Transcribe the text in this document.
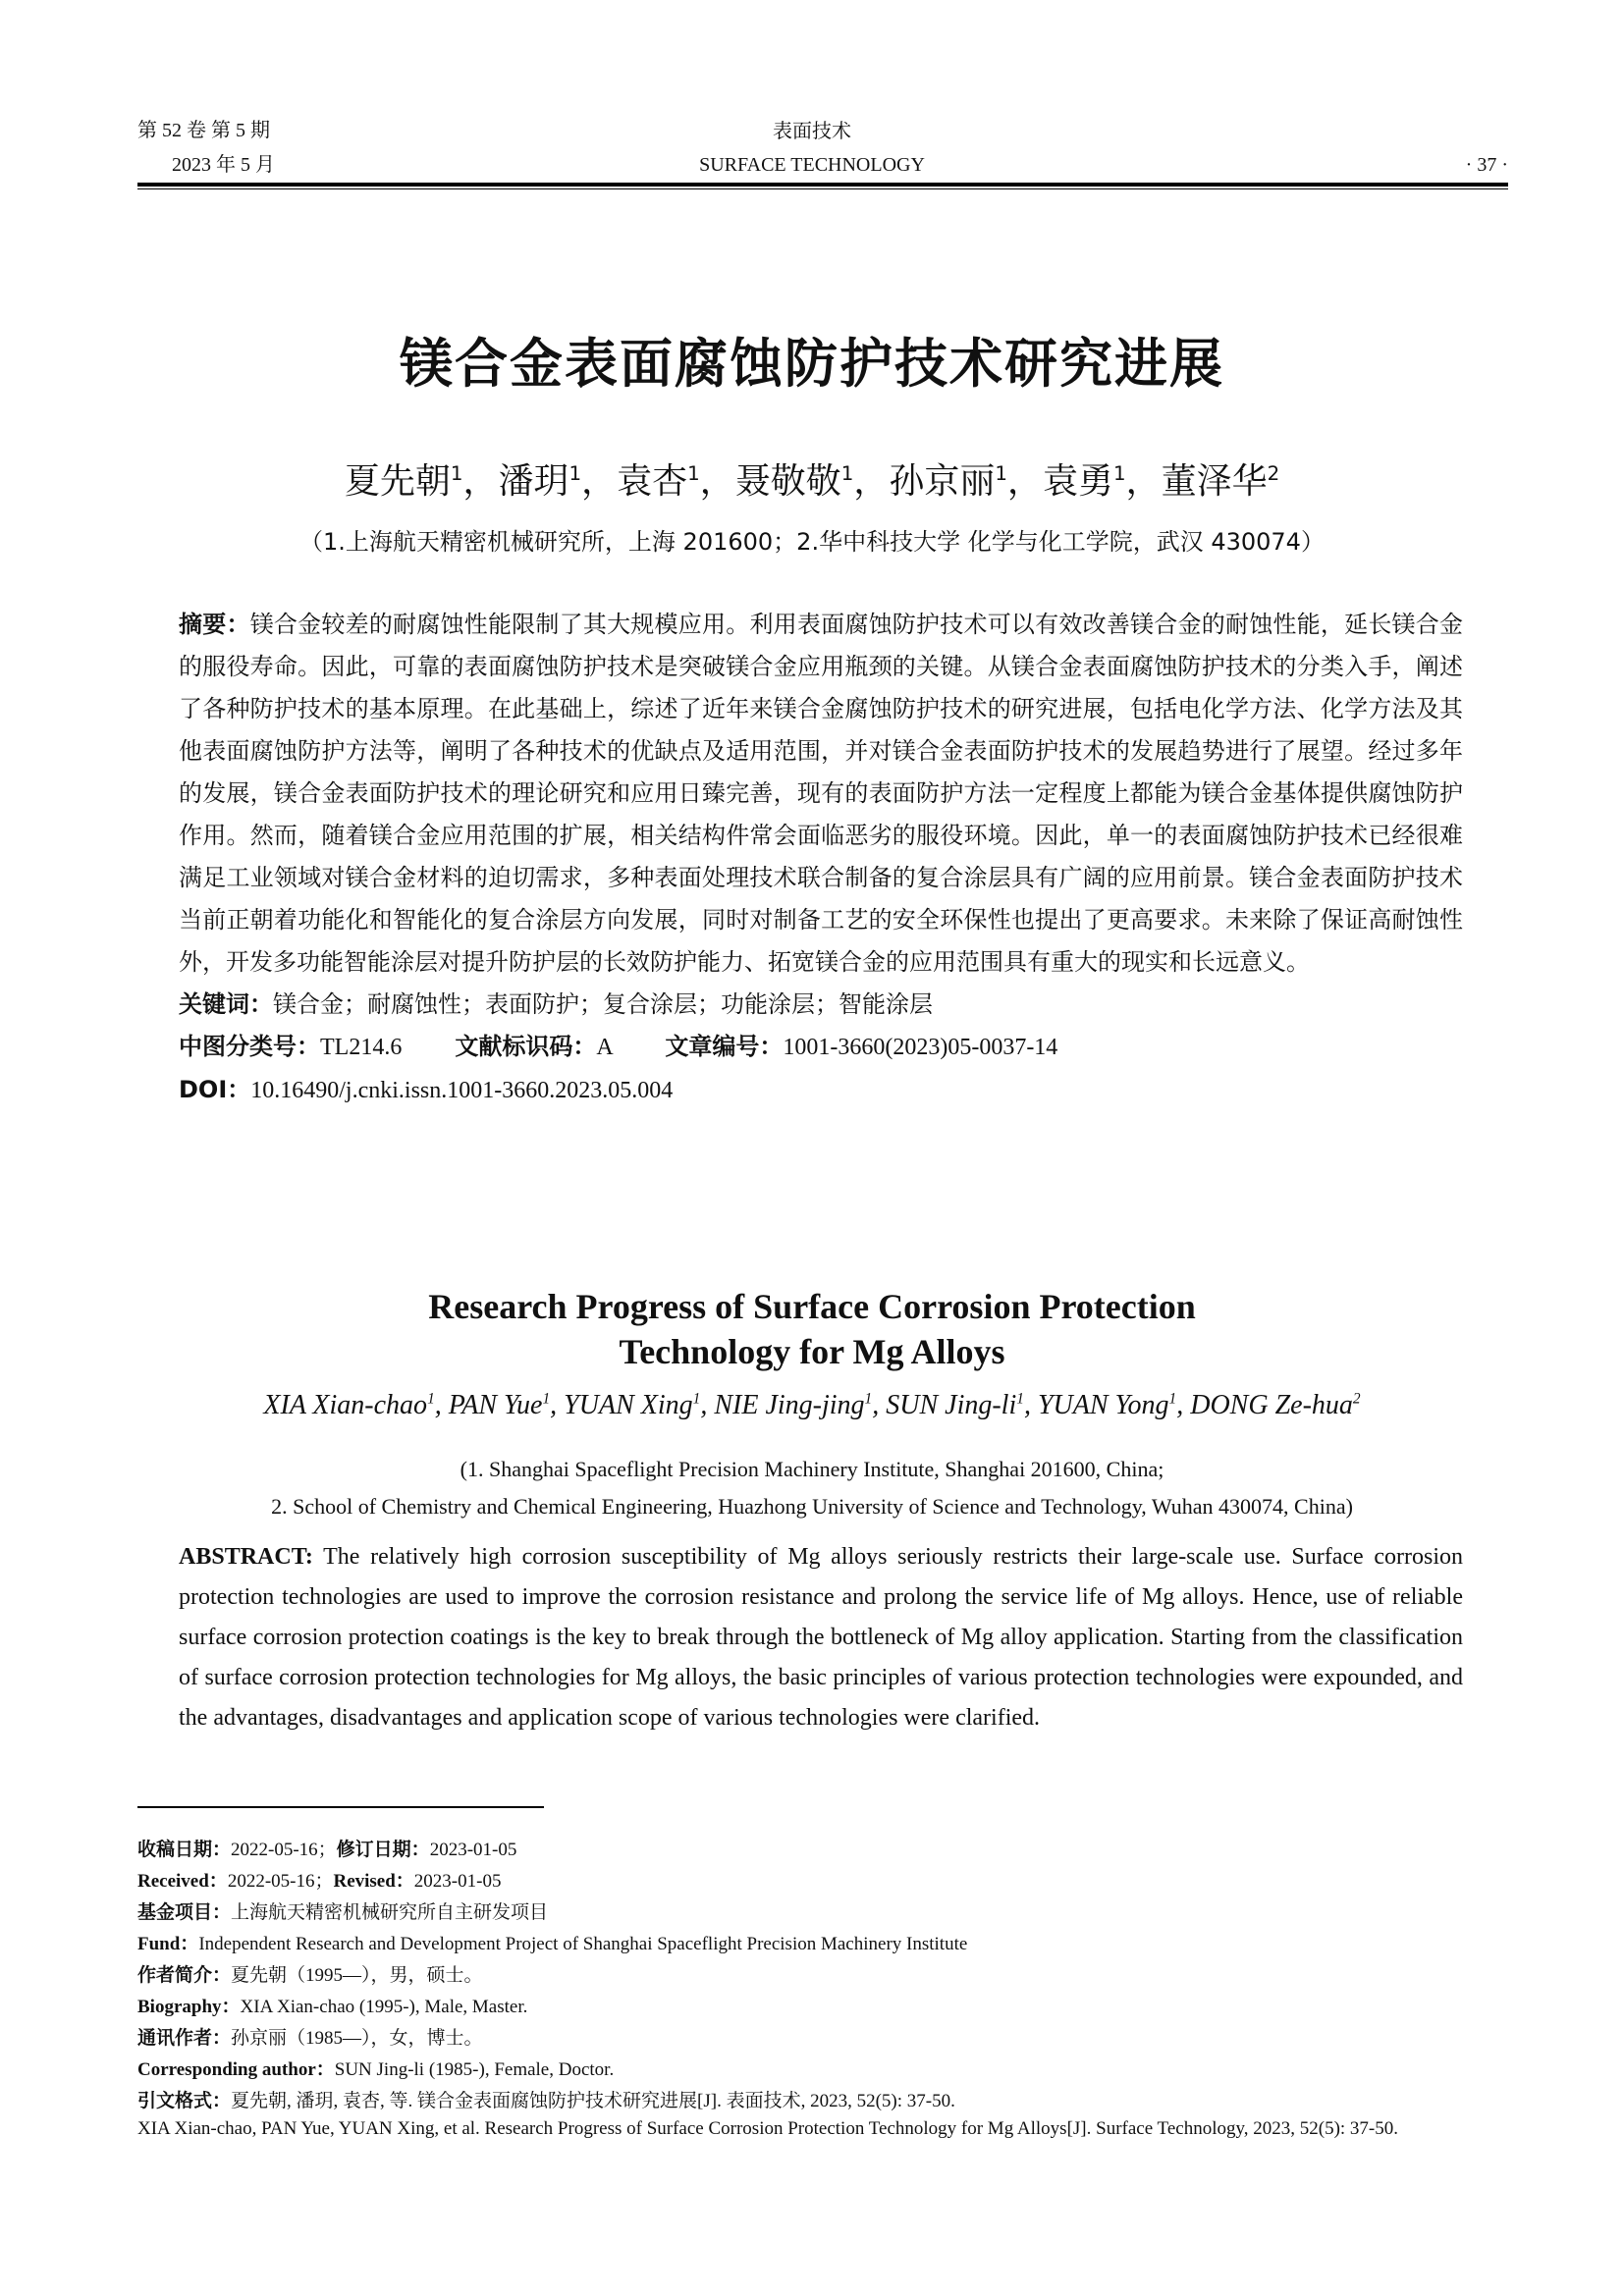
第 52 卷 第 5 期
2023 年 5 月
表面技术
SURFACE TECHNOLOGY	· 37 ·
镁合金表面腐蚀防护技术研究进展
夏先朝$^1$，潘玥$^1$，袁杏$^1$，聂敬敬$^1$，孙京丽$^1$，袁勇$^1$，董泽华$^2$
（1.上海航天精密机械研究所，上海 201600；2.华中科技大学 化学与化工学院，武汉 430074）
摘要：镁合金较差的耐腐蚀性能限制了其大规模应用。利用表面腐蚀防护技术可以有效改善镁合金的耐蚀性能，延长镁合金的服役寿命。因此，可靠的表面腐蚀防护技术是突破镁合金应用瓶颈的关键。从镁合金表面腐蚀防护技术的分类入手，阐述了各种防护技术的基本原理。在此基础上，综述了近年来镁合金腐蚀防护技术的研究进展，包括电化学方法、化学方法及其他表面腐蚀防护方法等，阐明了各种技术的优缺点及适用范围，并对镁合金表面防护技术的发展趋势进行了展望。经过多年的发展，镁合金表面防护技术的理论研究和应用日臻完善，现有的表面防护方法一定程度上都能为镁合金基体提供腐蚀防护作用。然而，随着镁合金应用范围的扩展，相关结构件常会面临恶劣的服役环境。因此，单一的表面腐蚀防护技术已经很难满足工业领域对镁合金材料的迫切需求，多种表面处理技术联合制备的复合涂层具有广阔的应用前景。镁合金表面防护技术当前正朝着功能化和智能化的复合涂层方向发展，同时对制备工艺的安全环保性也提出了更高要求。未来除了保证高耐蚀性外，开发多功能智能涂层对提升防护层的长效防护能力、拓宽镁合金的应用范围具有重大的现实和长远意义。
关键词：镁合金；耐腐蚀性；表面防护；复合涂层；功能涂层；智能涂层
中图分类号：TL214.6 文献标识码：A 文章编号：1001-3660(2023)05-0037-14
DOI：10.16490/j.cnki.issn.1001-3660.2023.05.004
Research Progress of Surface Corrosion Protection
Technology for Mg Alloys
XIA Xian-chao$^1$, PAN Yue$^1$, YUAN Xing$^1$, NIE Jing-jing$^1$, SUN Jing-$li^1$, YUAN Yong$^1$, DONG Ze-hua$^2$
(1. Shanghai Spaceflight Precision Machinery Institute, Shanghai 201600, China;
2. School of Chemistry and Chemical Engineering, Huazhong University of Science and Technology, Wuhan 430074, China)
ABSTRACT: The relatively high corrosion susceptibility of Mg alloys seriously restricts their large-scale use. Surface corrosion protection technologies are used to improve the corrosion resistance and prolong the service life of Mg alloys. Hence, use of reliable surface corrosion protection coatings is the key to break through the bottleneck of Mg alloy application. Starting from the classification of surface corrosion protection technologies for Mg alloys, the basic principles of various protection technologies were expounded, and the advantages, disadvantages and application scope of various technologies were clarified.
收稿日期：2022-05-16；修订日期：2023-01-05
Received：2022-05-16；Revised：2023-01-05
基金项目：上海航天精密机械研究所自主研发项目
Fund：Independent Research and Development Project of Shanghai Spaceflight Precision Machinery Institute
作者简介：夏先朝（1995—），男，硕士。
Biography：XIA Xian-chao (1995-), Male, Master.
通讯作者：孙京丽（1985—），女，博士。
Corresponding author：SUN Jing-li (1985-), Female, Doctor.
引文格式：夏先朝, 潘玥, 袁杏, 等. 镁合金表面腐蚀防护技术研究进展[J]. 表面技术, 2023, 52(5): 37-50.
XIA Xian-chao, PAN Yue, YUAN Xing, et al. Research Progress of Surface Corrosion Protection Technology for Mg Alloys[J]. Surface Technology, 2023, 52(5): 37-50.
